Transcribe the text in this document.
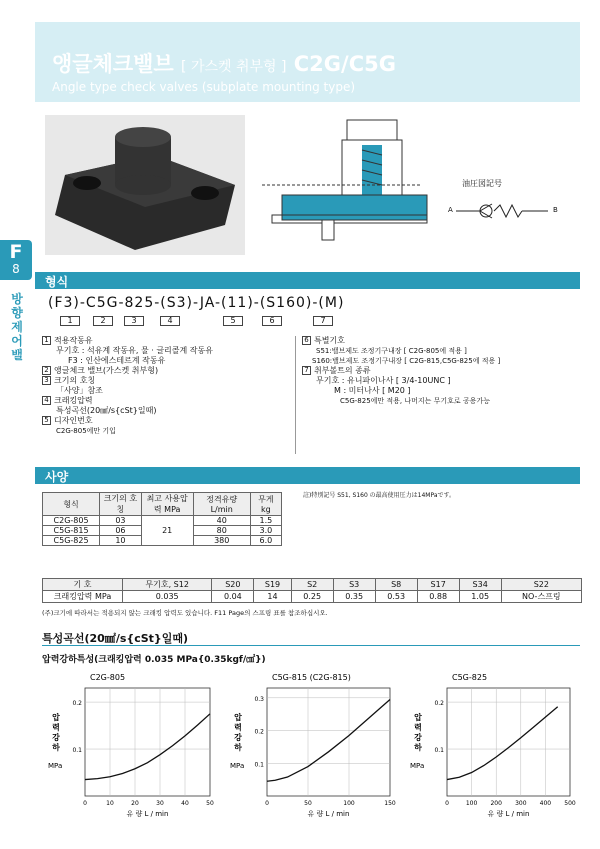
앵글체크밸브 [ 가스켓 취부형 ] C2G/C5G
Angle type check valves (subplate mounting type)
油圧図記号
A	B
F
8
방향제어밸
형식
(F3)-C5G-825-(S3)-JA-(11)-(S160)-(M)
1	2	3	4	5	6	7
1 적용작동유
무기호 : 석유계 작동유, 물 · 글리콜계 작동유
F3 : 인산에스테르계 작동유
2 앵글체크 밸브(가스켓 취부형)
3 크기의 호칭
「사양」참조
4 크래킹압력
특성곡선(20㎟/s{cSt}일때)
5 디자인번호
C2G-805에만 기입
6 특별기호
S51:밸브제도 조정기구내장 [ C2G-805에 적용 ]
S160:밸브제도 조정기구내장 [ C2G-815,C5G-825에 적용 ]
7 취부볼트의 종류
무기호 : 유니파이나사 [ 3/4-10UNC ]
M : 미터나사 [ M20 ]
C5G-825에만 적용, 나머지는 무기호로 공용가능
사양
형식	크기의 호칭	최고 사용압력 MPa	정격유량 L/min	무게 kg
C2G-805	03	21	40	1.5
C5G-815	06		80	3.0
C5G-825	10		380	6.0
註)特別記号 S51, S160 の最高使用圧力は14MPaです。
기 호	무기호, S12	S20	S19	S2	S3	S8	S17	S34	S22
크래킹압력 MPa	0.035	0.04	14	0.25	0.35	0.53	0.88	1.05	NO-스프링
(주)크기에 따라서는 적용되지 않는 크래킹 압력도 있습니다. F11 Page의 스프링 표를 참조하십시오.
특성곡선(20㎟/s{cSt}일때)
압력강하특성(크래킹압력 0.035 MPa{0.35kgf/㎠})
C2G-805
0.1
0.2
0	10	20	30	40	50
압
력
강
하
MPa
유 량 L / min
C5G-815 (C2G-815)
0.1
0.2
0.3
0	50	100	150
압
력
강
하
MPa
유 량 L / min
C5G-825
0.1
0.2
0	100 200 300 400 500
압
력
강
하
MPa
유 량 L / min
